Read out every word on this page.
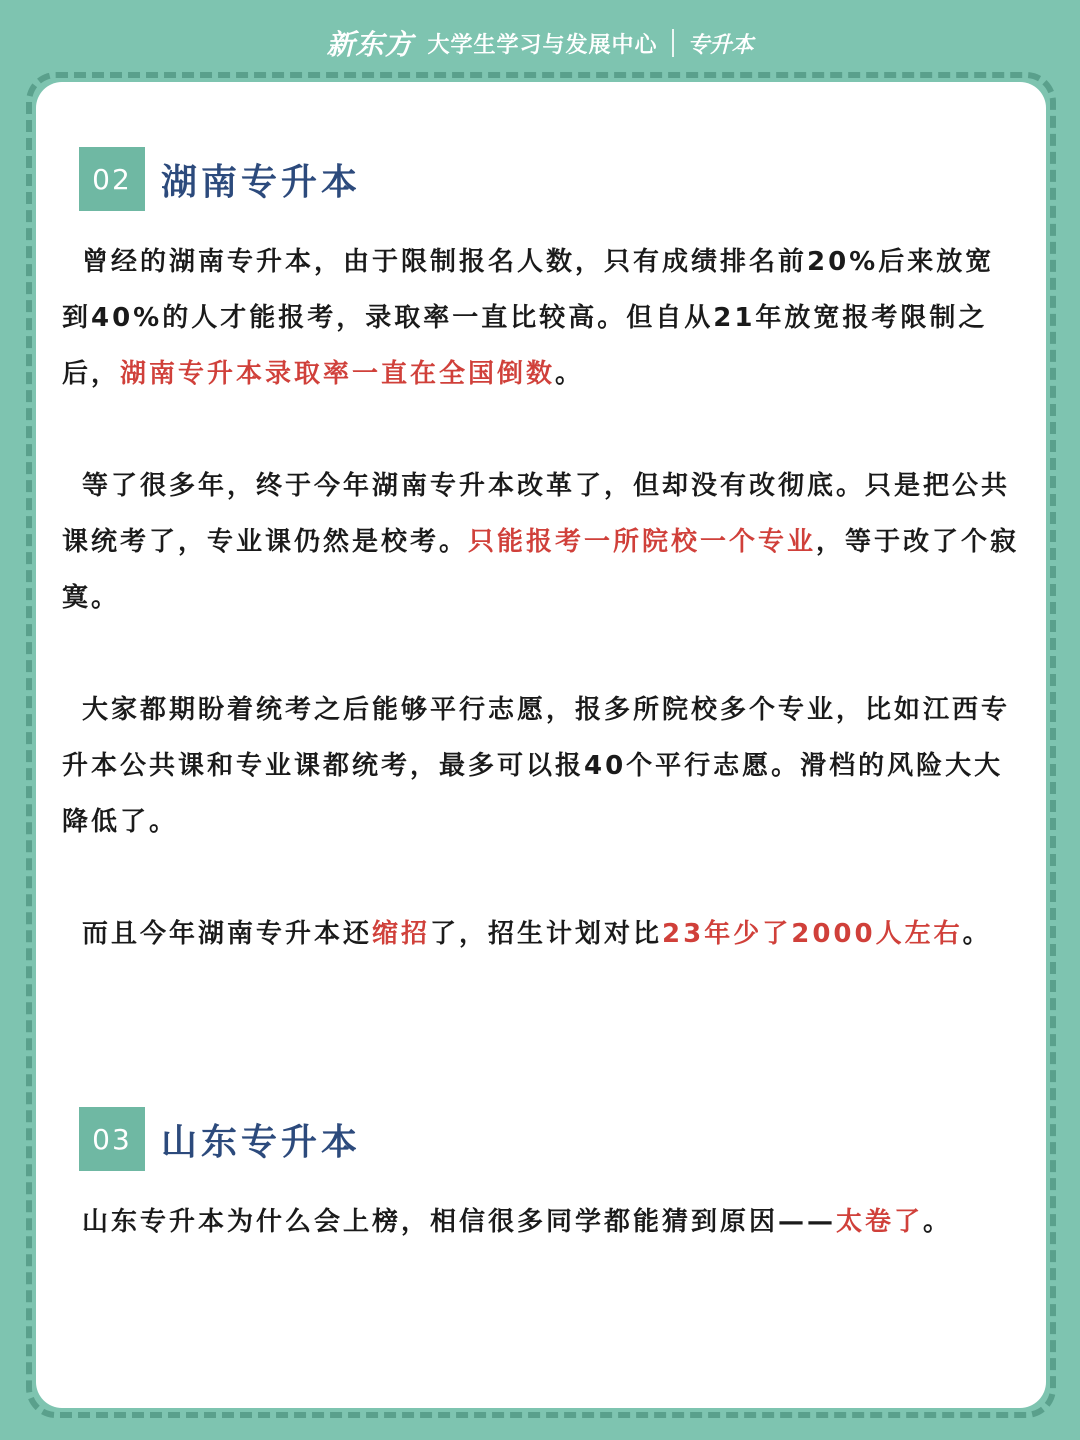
新东方 大学生学习与发展中心 专升本
02 湖南专升本
曾经的湖南专升本，由于限制报名人数，只有成绩排名前20%后来放宽到40%的人才能报考，录取率一直比较高。但自从21年放宽报考限制之后，湖南专升本录取率一直在全国倒数。
等了很多年，终于今年湖南专升本改革了，但却没有改彻底。只是把公共课统考了，专业课仍然是校考。只能报考一所院校一个专业，等于改了个寂寞。
大家都期盼着统考之后能够平行志愿，报多所院校多个专业，比如江西专升本公共课和专业课都统考，最多可以报40个平行志愿。滑档的风险大大降低了。
而且今年湖南专升本还缩招了，招生计划对比23年少了2000人左右。
03 山东专升本
山东专升本为什么会上榜，相信很多同学都能猜到原因——太卷了。
